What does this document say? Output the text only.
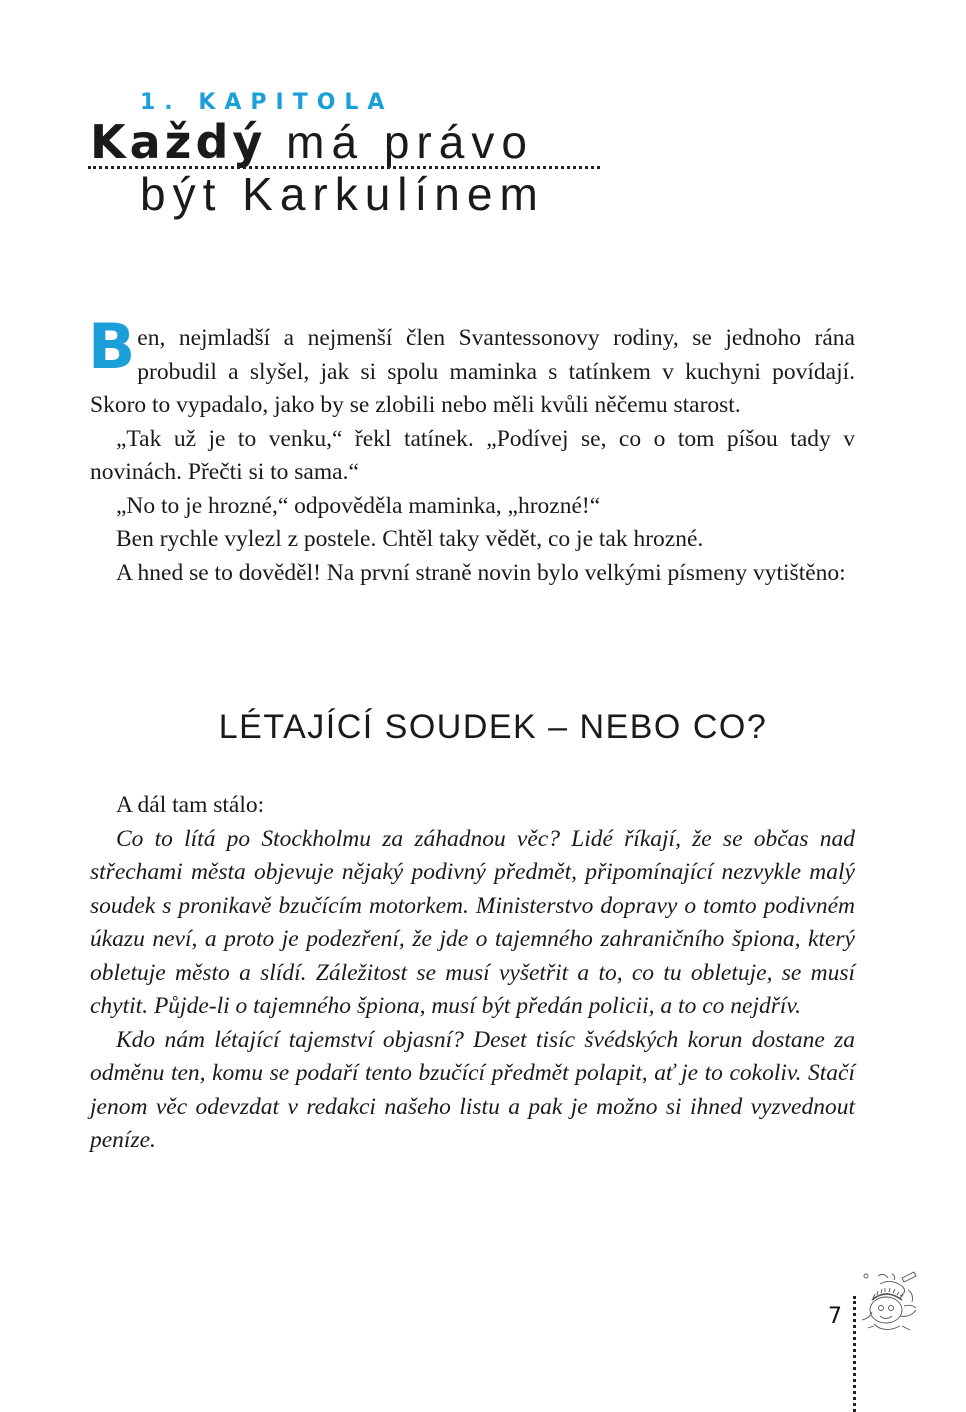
1. KAPITOLA
Každý má právo
být Karkulínem

Ben, nejmladší a nejmenší člen Svantessonovy rodiny, se jednoho rána probudil a slyšel, jak si spolu maminka s tatínkem v kuchyni povídají. Skoro to vypadalo, jako by se zlobili nebo měli kvůli něčemu starost.

„Tak už je to venku,“ řekl tatínek. „Podívej se, co o tom píšou tady v novinách. Přečti si to sama.“

„No to je hrozné,“ odpověděla maminka, „hrozné!“

Ben rychle vylezl z postele. Chtěl taky vědět, co je tak hrozné.

A hned se to dověděl! Na první straně novin bylo velkými písmeny vytištěno:

LÉTAJÍCÍ SOUDEK – NEBO CO?

A dál tam stálo:

Co to lítá po Stockholmu za záhadnou věc? Lidé říkají, že se občas nad střechami města objevuje nějaký podivný předmět, připomínající nezvykle malý soudek s pronikavě bzučícím motorkem. Ministerstvo dopravy o tomto podivném úkazu neví, a proto je podezření, že jde o tajemného zahraničního špiona, který obletuje město a slídí. Záležitost se musí vyšetřit a to, co tu obletuje, se musí chytit. Půjde-li o tajemného špiona, musí být předán policii, a to co nejdřív.

Kdo nám létající tajemství objasní? Deset tisíc švédských korun dostane za odměnu ten, komu se podaří tento bzučící předmět polapit, ať je to cokoliv. Stačí jenom věc odevzdat v redakci našeho listu a pak je možno si ihned vyzvednout peníze.

7
